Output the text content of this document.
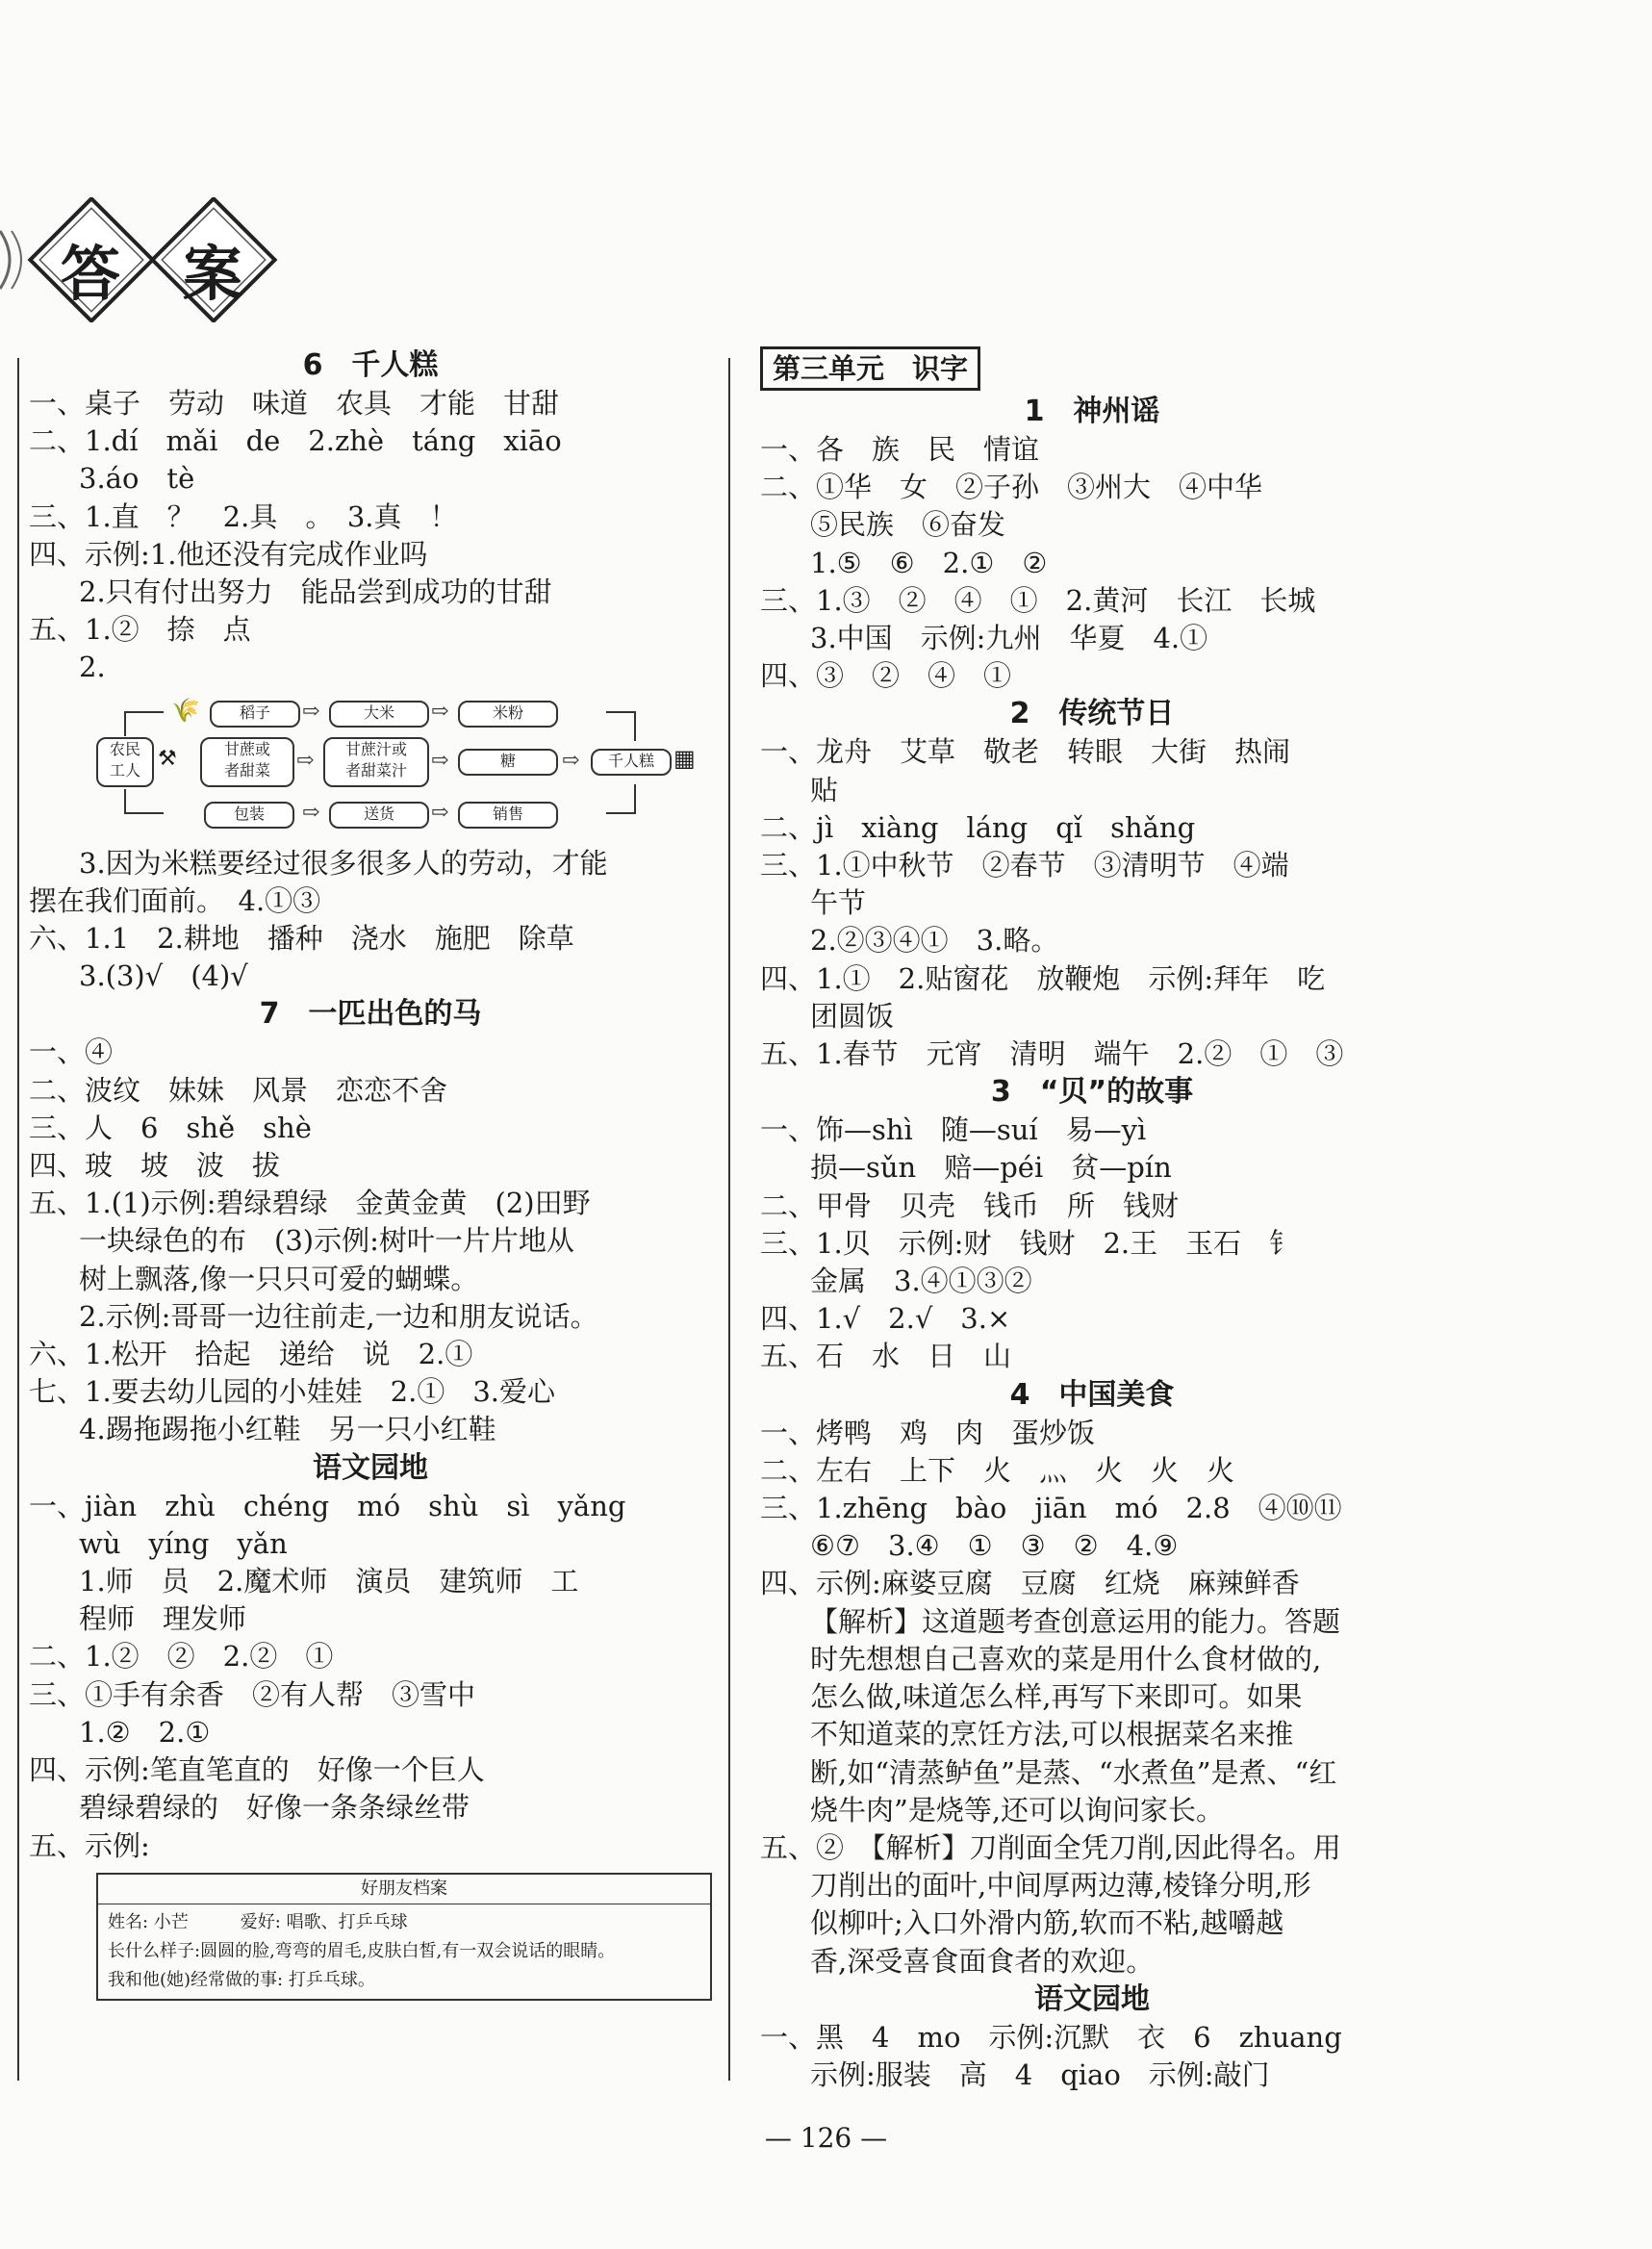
答 案
6　千人糕
一、桌子　劳动　味道　农具　才能　甘甜
二、1.dí　mǎi　de　2.zhè　táng　xiāo
3.áo　tè
三、1.直　？　2.具　。　3.真　！
四、示例:1.他还没有完成作业吗
2.只有付出努力　能品尝到成功的甘甜
五、1.②　捺　点
2.
🌾	稻子	⇨	大米	⇨	米粉
农民
工人 ⚒	甘蔗或
者甜菜	⇨	甘蔗汁或
者甜菜汁	⇨	糖	⇨	千人糕 ▦
包装	⇨	送货	⇨	销售
3.因为米糕要经过很多很多人的劳动，才能
摆在我们面前。　4.①③
六、1.1　2.耕地　播种　浇水　施肥　除草
3.(3)√　(4)√
7　一匹出色的马
一、④
二、波纹　妹妹　风景　恋恋不舍
三、人　6　shě　shè
四、玻　坡　波　拔
五、1.(1)示例:碧绿碧绿　金黄金黄　(2)田野
一块绿色的布　(3)示例:树叶一片片地从
树上飘落,像一只只可爱的蝴蝶。
2.示例:哥哥一边往前走,一边和朋友说话。
六、1.松开　拾起　递给　说　2.①
七、1.要去幼儿园的小娃娃　2.①　3.爱心
4.踢拖踢拖小红鞋　另一只小红鞋
语文园地
一、jiàn　zhù　chéng　mó　shù　sì　yǎng
wù　yíng　yǎn
1.师　员　2.魔术师　演员　建筑师　工
程师　理发师
二、1.②　②　2.②　①
三、①手有余香　②有人帮　③雪中
1.②　2.①
四、示例:笔直笔直的　好像一个巨人
碧绿碧绿的　好像一条条绿丝带
五、示例:
好朋友档案
姓名: 小芒　　　爱好: 唱歌、打乒乓球
长什么样子:圆圆的脸,弯弯的眉毛,皮肤白皙,有一双会说话的眼睛。
我和他(她)经常做的事: 打乒乓球。
第三单元　识字
1　神州谣
一、各　族　民　情谊
二、①华　女　②子孙　③州大　④中华
⑤民族　⑥奋发
1.⑤　⑥　2.①　②
三、1.③　②　④　①　2.黄河　长江　长城
3.中国　示例:九州　华夏　4.①
四、③　②　④　①
2　传统节日
一、龙舟　艾草　敬老　转眼　大街　热闹
贴
二、jì　xiàng　láng　qǐ　shǎng
三、1.①中秋节　②春节　③清明节　④端
午节
2.②③④①　3.略。
四、1.①　2.贴窗花　放鞭炮　示例:拜年　吃
团圆饭
五、1.春节　元宵　清明　端午　2.②　①　③
3　“贝”的故事
一、饰—shì　随—suí　易—yì
损—sǔn　赔—péi　贫—pín
二、甲骨　贝壳　钱币　所　钱财
三、1.贝　示例:财　钱财　2.王　玉石　钅
金属　3.④①③②
四、1.√　2.√　3.×
五、石　水　日　山
4　中国美食
一、烤鸭　鸡　肉　蛋炒饭
二、左右　上下　火　灬　火　火　火
三、1.zhēng　bào　jiān　mó　2.8　④⑩⑪
⑥⑦　3.④　①　③　②　4.⑨
四、示例:麻婆豆腐　豆腐　红烧　麻辣鲜香
【解析】这道题考查创意运用的能力。答题
时先想想自己喜欢的菜是用什么食材做的,
怎么做,味道怎么样,再写下来即可。如果
不知道菜的烹饪方法,可以根据菜名来推
断,如“清蒸鲈鱼”是蒸、“水煮鱼”是煮、“红
烧牛肉”是烧等,还可以询问家长。
五、②　【解析】刀削面全凭刀削,因此得名。用
刀削出的面叶,中间厚两边薄,棱锋分明,形
似柳叶;入口外滑内筋,软而不粘,越嚼越
香,深受喜食面食者的欢迎。
语文园地
一、黑　4　mo　示例:沉默　衣　6　zhuang
示例:服装　高　4　qiao　示例:敲门
— 126 —
